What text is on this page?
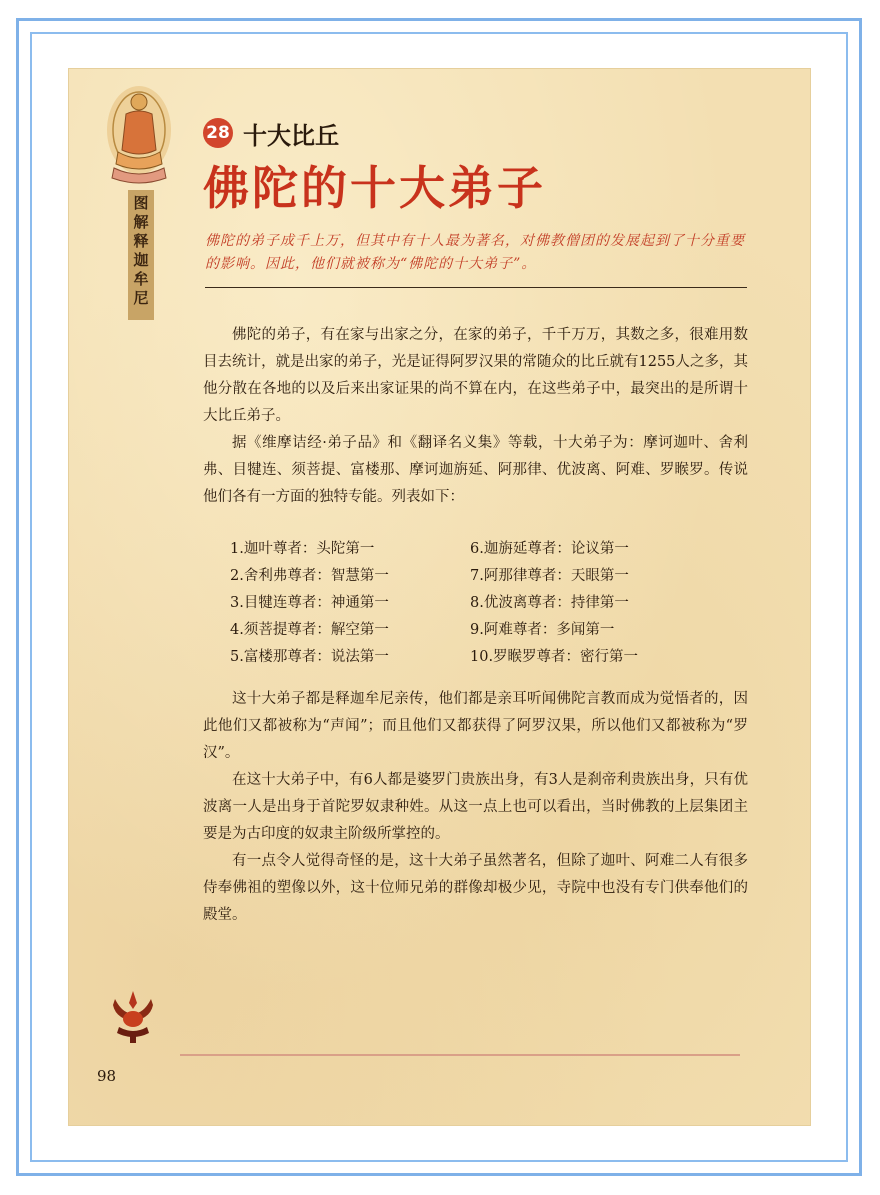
图
解
释
迦
牟
尼
28 十大比丘
佛陀的十大弟子
佛陀的弟子成千上万，但其中有十人最为著名，对佛教僧团的发展起到了十分重要的影响。因此，他们就被称为“佛陀的十大弟子”。

佛陀的弟子，有在家与出家之分，在家的弟子，千千万万，其数之多，很难用数目去统计，就是出家的弟子，光是证得阿罗汉果的常随众的比丘就有1255人之多，其他分散在各地的以及后来出家证果的尚不算在内，在这些弟子中，最突出的是所谓十大比丘弟子。

据《维摩诘经·弟子品》和《翻译名义集》等载，十大弟子为：摩诃迦叶、舍利弗、目犍连、须菩提、富楼那、摩诃迦旃延、阿那律、优波离、阿难、罗睺罗。传说他们各有一方面的独特专能。列表如下：

1.迦叶尊者：头陀第一	6.迦旃延尊者：论议第一
2.舍利弗尊者：智慧第一	7.阿那律尊者：天眼第一
3.目犍连尊者：神通第一	8.优波离尊者：持律第一
4.须菩提尊者：解空第一	9.阿难尊者：多闻第一
5.富楼那尊者：说法第一	10.罗睺罗尊者：密行第一

这十大弟子都是释迦牟尼亲传，他们都是亲耳听闻佛陀言教而成为觉悟者的，因此他们又都被称为“声闻”；而且他们又都获得了阿罗汉果，所以他们又都被称为“罗汉”。

在这十大弟子中，有6人都是婆罗门贵族出身，有3人是刹帝利贵族出身，只有优波离一人是出身于首陀罗奴隶种姓。从这一点上也可以看出，当时佛教的上层集团主要是为古印度的奴隶主阶级所掌控的。

有一点令人觉得奇怪的是，这十大弟子虽然著名，但除了迦叶、阿难二人有很多侍奉佛祖的塑像以外，这十位师兄弟的群像却极少见，寺院中也没有专门供奉他们的殿堂。

98
